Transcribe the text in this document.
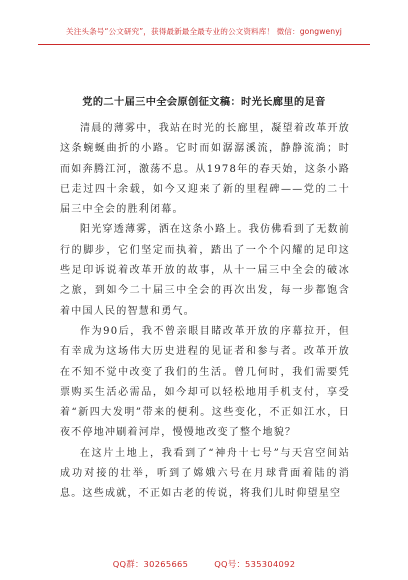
关注头条号“公文研究”，获得最新最全最专业的公文资料库！ 微信：gongwenyj
党的二十届三中全会原创征文稿：时光长廊里的足音

清晨的薄雾中，我站在时光的长廊里，凝望着改革开放这条蜿蜒曲折的小路。它时而如潺潺溪流，静静流淌；时而如奔腾江河，激荡不息。从1978年的春天始，这条小路已走过四十余载，如今又迎来了新的里程碑——党的二十届三中全会的胜利闭幕。

阳光穿透薄雾，洒在这条小路上。我仿佛看到了无数前行的脚步，它们坚定而执着，踏出了一个个闪耀的足印这些足印诉说着改革开放的故事，从十一届三中全会的破冰之旅，到如今二十届三中全会的再次出发，每一步都饱含着中国人民的智慧和勇气。

作为90后，我不曾亲眼目睹改革开放的序幕拉开，但有幸成为这场伟大历史进程的见证者和参与者。改革开放在不知不觉中改变了我们的生活。曾几何时，我们需要凭票购买生活必需品，如今却可以轻松地用手机支付，享受着“新四大发明”带来的便利。这些变化，不正如江水，日夜不停地冲刷着河岸，慢慢地改变了整个地貌？

在这片土地上，我看到了“神舟十七号”与天宫空间站成功对接的壮举，听到了嫦娥六号在月球背面着陆的消息。这些成就，不正如古老的传说，将我们儿时仰望星空

QQ群：30265665	QQ号：535304092
